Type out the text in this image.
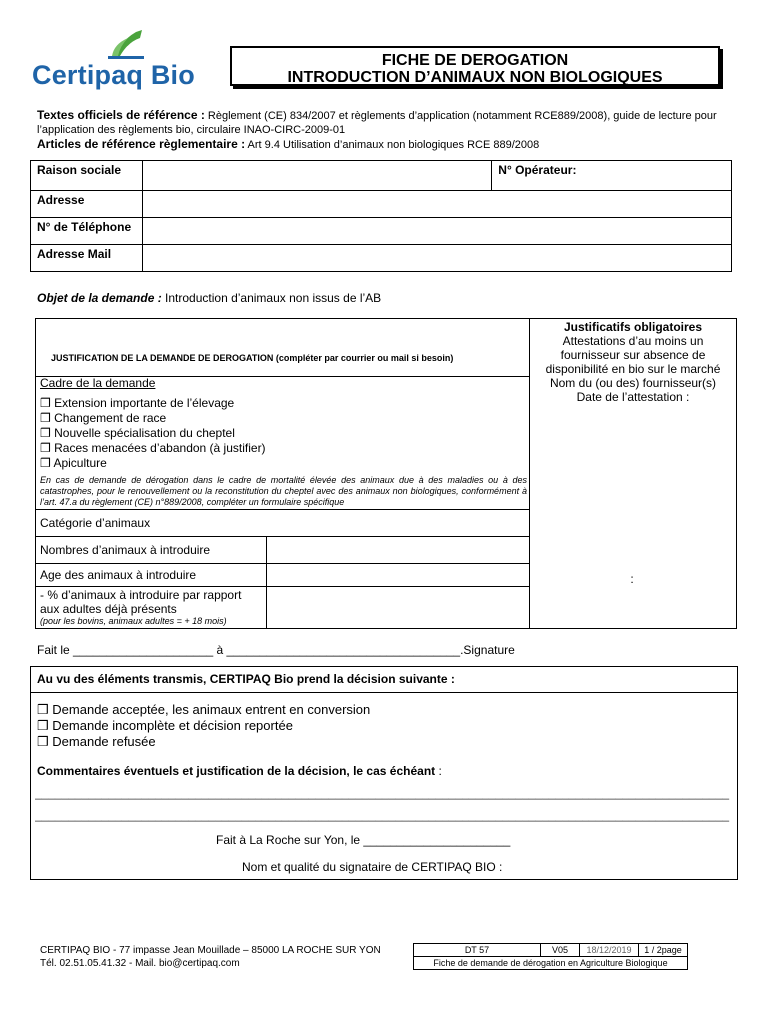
Certipaq Bio	FICHE DE DEROGATION
INTRODUCTION D’ANIMAUX NON BIOLOGIQUES
Textes officiels de référence : Règlement (CE) 834/2007 et règlements d’application (notamment RCE889/2008), guide de lecture pour l’application des règlements bio, circulaire INAO-CIRC-2009-01
Articles de référence règlementaire : Art 9.4 Utilisation d’animaux non biologiques RCE 889/2008
Raison sociale		N° Opérateur:
Adresse		
N° de Téléphone		
Adresse Mail		
Objet de la demande : Introduction d’animaux non issus de l’AB
JUSTIFICATION DE LA DEMANDE DE DEROGATION (compléter par courrier ou mail si besoin)
Cadre de la demande
❒ Extension importante de l’élevage
❒ Changement de race
❒ Nouvelle spécialisation du cheptel
❒ Races menacées d’abandon (à justifier)
❒ Apiculture
En cas de demande de dérogation dans le cadre de mortalité élevée des animaux due à des maladies ou à des catastrophes, pour le renouvellement ou la reconstitution du cheptel avec des animaux non biologiques, conformément à l’art. 47.a du règlement (CE) n°889/2008, compléter un formulaire spécifique
Catégorie d’animaux
Nombres d’animaux à introduire
Age des animaux à introduire
- % d’animaux à introduire par rapport
aux adultes déjà présents
(pour les bovins, animaux adultes = + 18 mois)
Justificatifs obligatoires
Attestations d’au moins un
fournisseur sur absence de
disponibilité en bio sur le marché
Nom du (ou des) fournisseur(s)
Date de l’attestation :
:
Fait le _____________________ à ___________________________________.Signature
Au vu des éléments transmis, CERTIPAQ Bio prend la décision suivante :
❒ Demande acceptée, les animaux entrent en conversion
❒ Demande incomplète et décision reportée
❒ Demande refusée
Commentaires éventuels et justification de la décision, le cas échéant :
________________________________________________________________________________________________________
________________________________________________________________________________________________________
Fait à La Roche sur Yon, le ______________________
Nom et qualité du signataire de CERTIPAQ BIO :
CERTIPAQ BIO - 77 impasse Jean Mouillade – 85000 LA ROCHE SUR YON
Tél. 02.51.05.41.32 - Mail. bio@certipaq.com
DT 57	V05	18/12/2019	1 / 2page
Fiche de demande de dérogation en Agriculture Biologique
